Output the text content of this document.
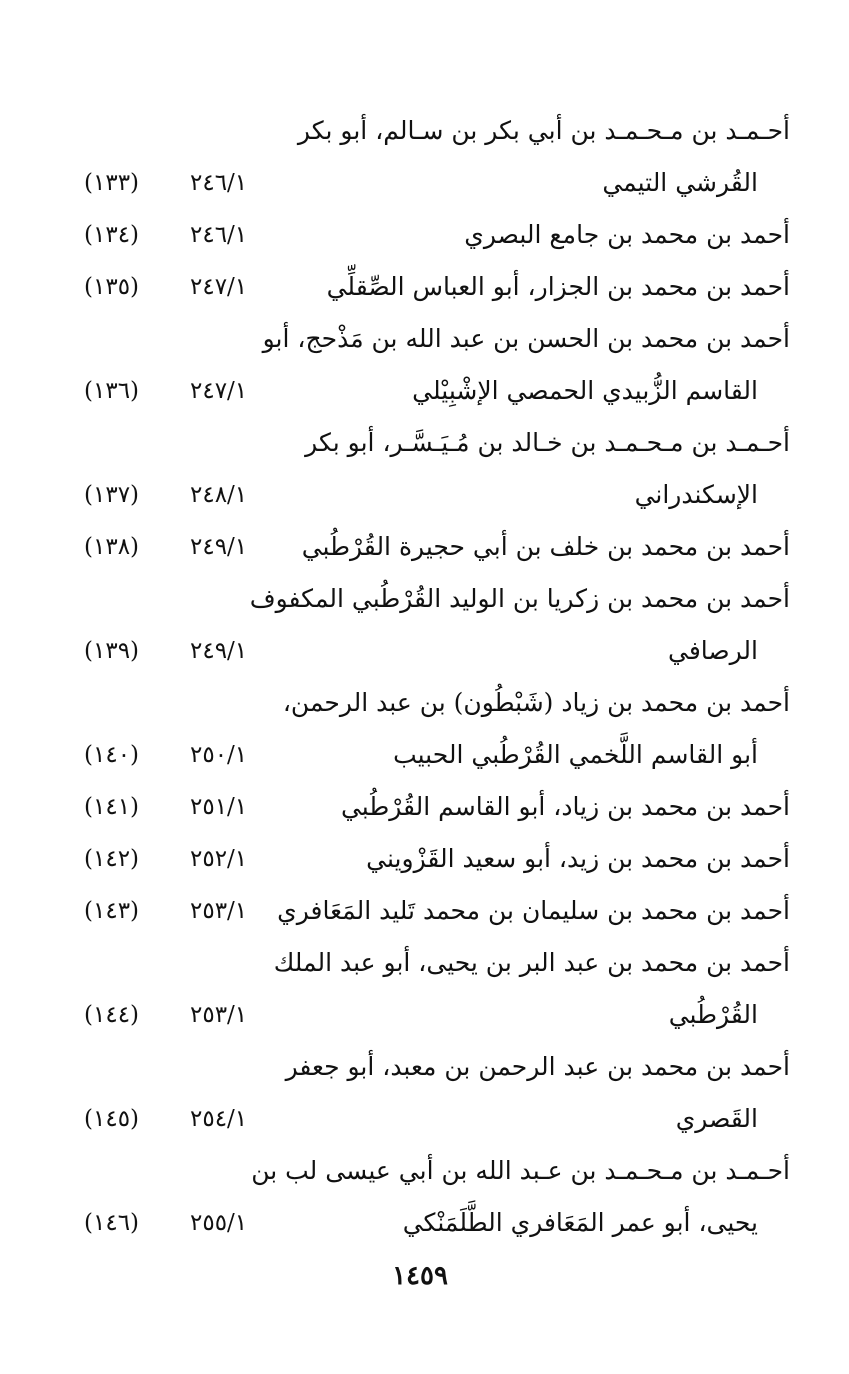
أحـمـد بن مـحـمـد بن أبي بكر بن سـالم، أبو بكر
القُرشي التيمي
٢٤٦/١
(١٣٣)
أحمد بن محمد بن جامع البصري
٢٤٦/١
(١٣٤)
أحمد بن محمد بن الجزار، أبو العباس الصِّقلِّي
٢٤٧/١
(١٣٥)
أحمد بن محمد بن الحسن بن عبد الله بن مَذْحج، أبو
القاسم الزُّبيدي الحمصي الإشْبِيْلي
٢٤٧/١
(١٣٦)
أحـمـد بن مـحـمـد بن خـالد بن مُـيَـسَّـر، أبو بكر
الإسكندراني
٢٤٨/١
(١٣٧)
أحمد بن محمد بن خلف بن أبي حجيرة القُرْطُبي
٢٤٩/١
(١٣٨)
أحمد بن محمد بن زكريا بن الوليد القُرْطُبي المكفوف
الرصافي
٢٤٩/١
(١٣٩)
أحمد بن محمد بن زياد (شَبْطُون) بن عبد الرحمن،
أبو القاسم اللَّخمي القُرْطُبي الحبيب
٢٥٠/١
(١٤٠)
أحمد بن محمد بن زياد، أبو القاسم القُرْطُبي
٢٥١/١
(١٤١)
أحمد بن محمد بن زيد، أبو سعيد القَزْويني
٢٥٢/١
(١٤٢)
أحمد بن محمد بن سليمان بن محمد تَليد المَعَافري
٢٥٣/١
(١٤٣)
أحمد بن محمد بن عبد البر بن يحيى، أبو عبد الملك
القُرْطُبي
٢٥٣/١
(١٤٤)
أحمد بن محمد بن عبد الرحمن بن معبد، أبو جعفر
القَصري
٢٥٤/١
(١٤٥)
أحـمـد بن مـحـمـد بن عـبد الله بن أبي عيسى لب بن
يحيى، أبو عمر المَعَافري الطَّلَمَنْكي
٢٥٥/١
(١٤٦)
١٤٥٩
